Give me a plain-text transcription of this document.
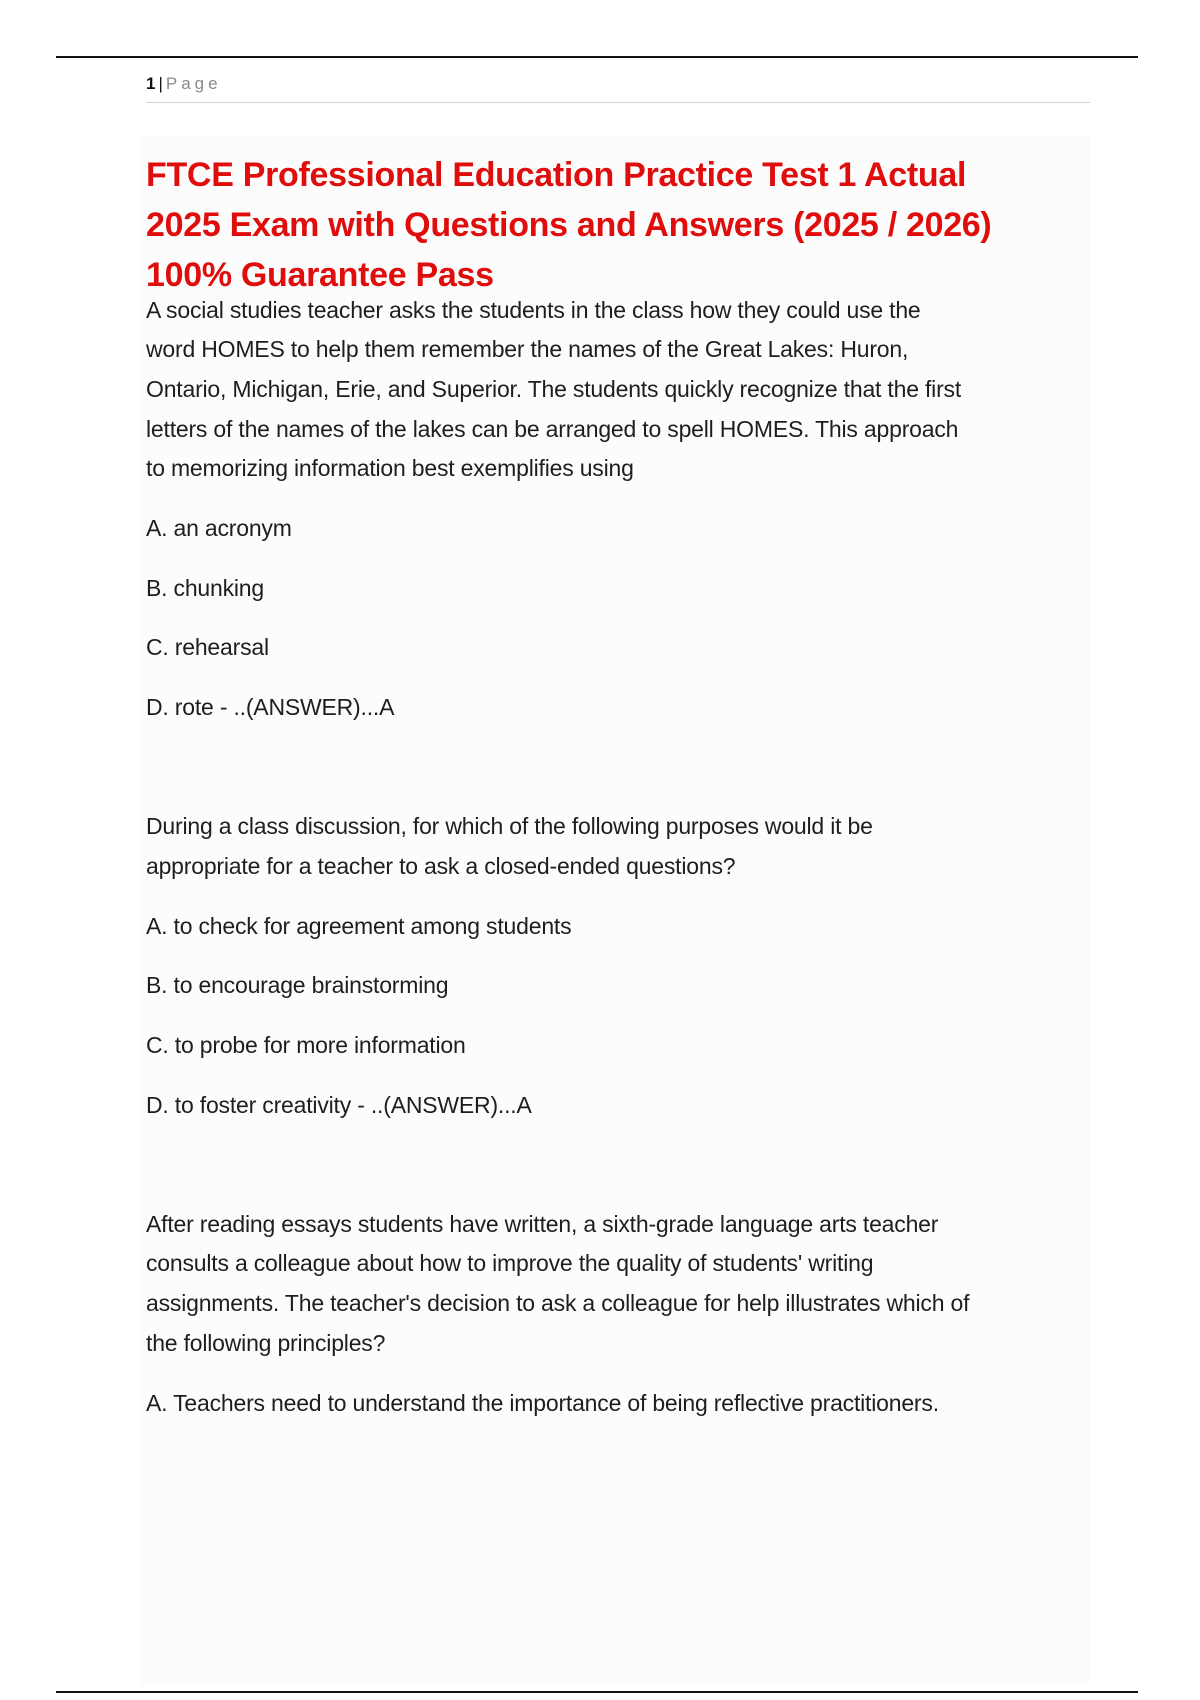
1 | Page
FTCE Professional Education Practice Test 1 Actual
2025 Exam with Questions and Answers (2025 / 2026)
100% Guarantee Pass
A social studies teacher asks the students in the class how they could use the
word HOMES to help them remember the names of the Great Lakes: Huron,
Ontario, Michigan, Erie, and Superior. The students quickly recognize that the first
letters of the names of the lakes can be arranged to spell HOMES. This approach
to memorizing information best exemplifies using
A. an acronym
B. chunking
C. rehearsal
D. rote - ..(ANSWER)...A
During a class discussion, for which of the following purposes would it be
appropriate for a teacher to ask a closed-ended questions?
A. to check for agreement among students
B. to encourage brainstorming
C. to probe for more information
D. to foster creativity - ..(ANSWER)...A
After reading essays students have written, a sixth-grade language arts teacher
consults a colleague about how to improve the quality of students' writing
assignments. The teacher's decision to ask a colleague for help illustrates which of
the following principles?
A. Teachers need to understand the importance of being reflective practitioners.
